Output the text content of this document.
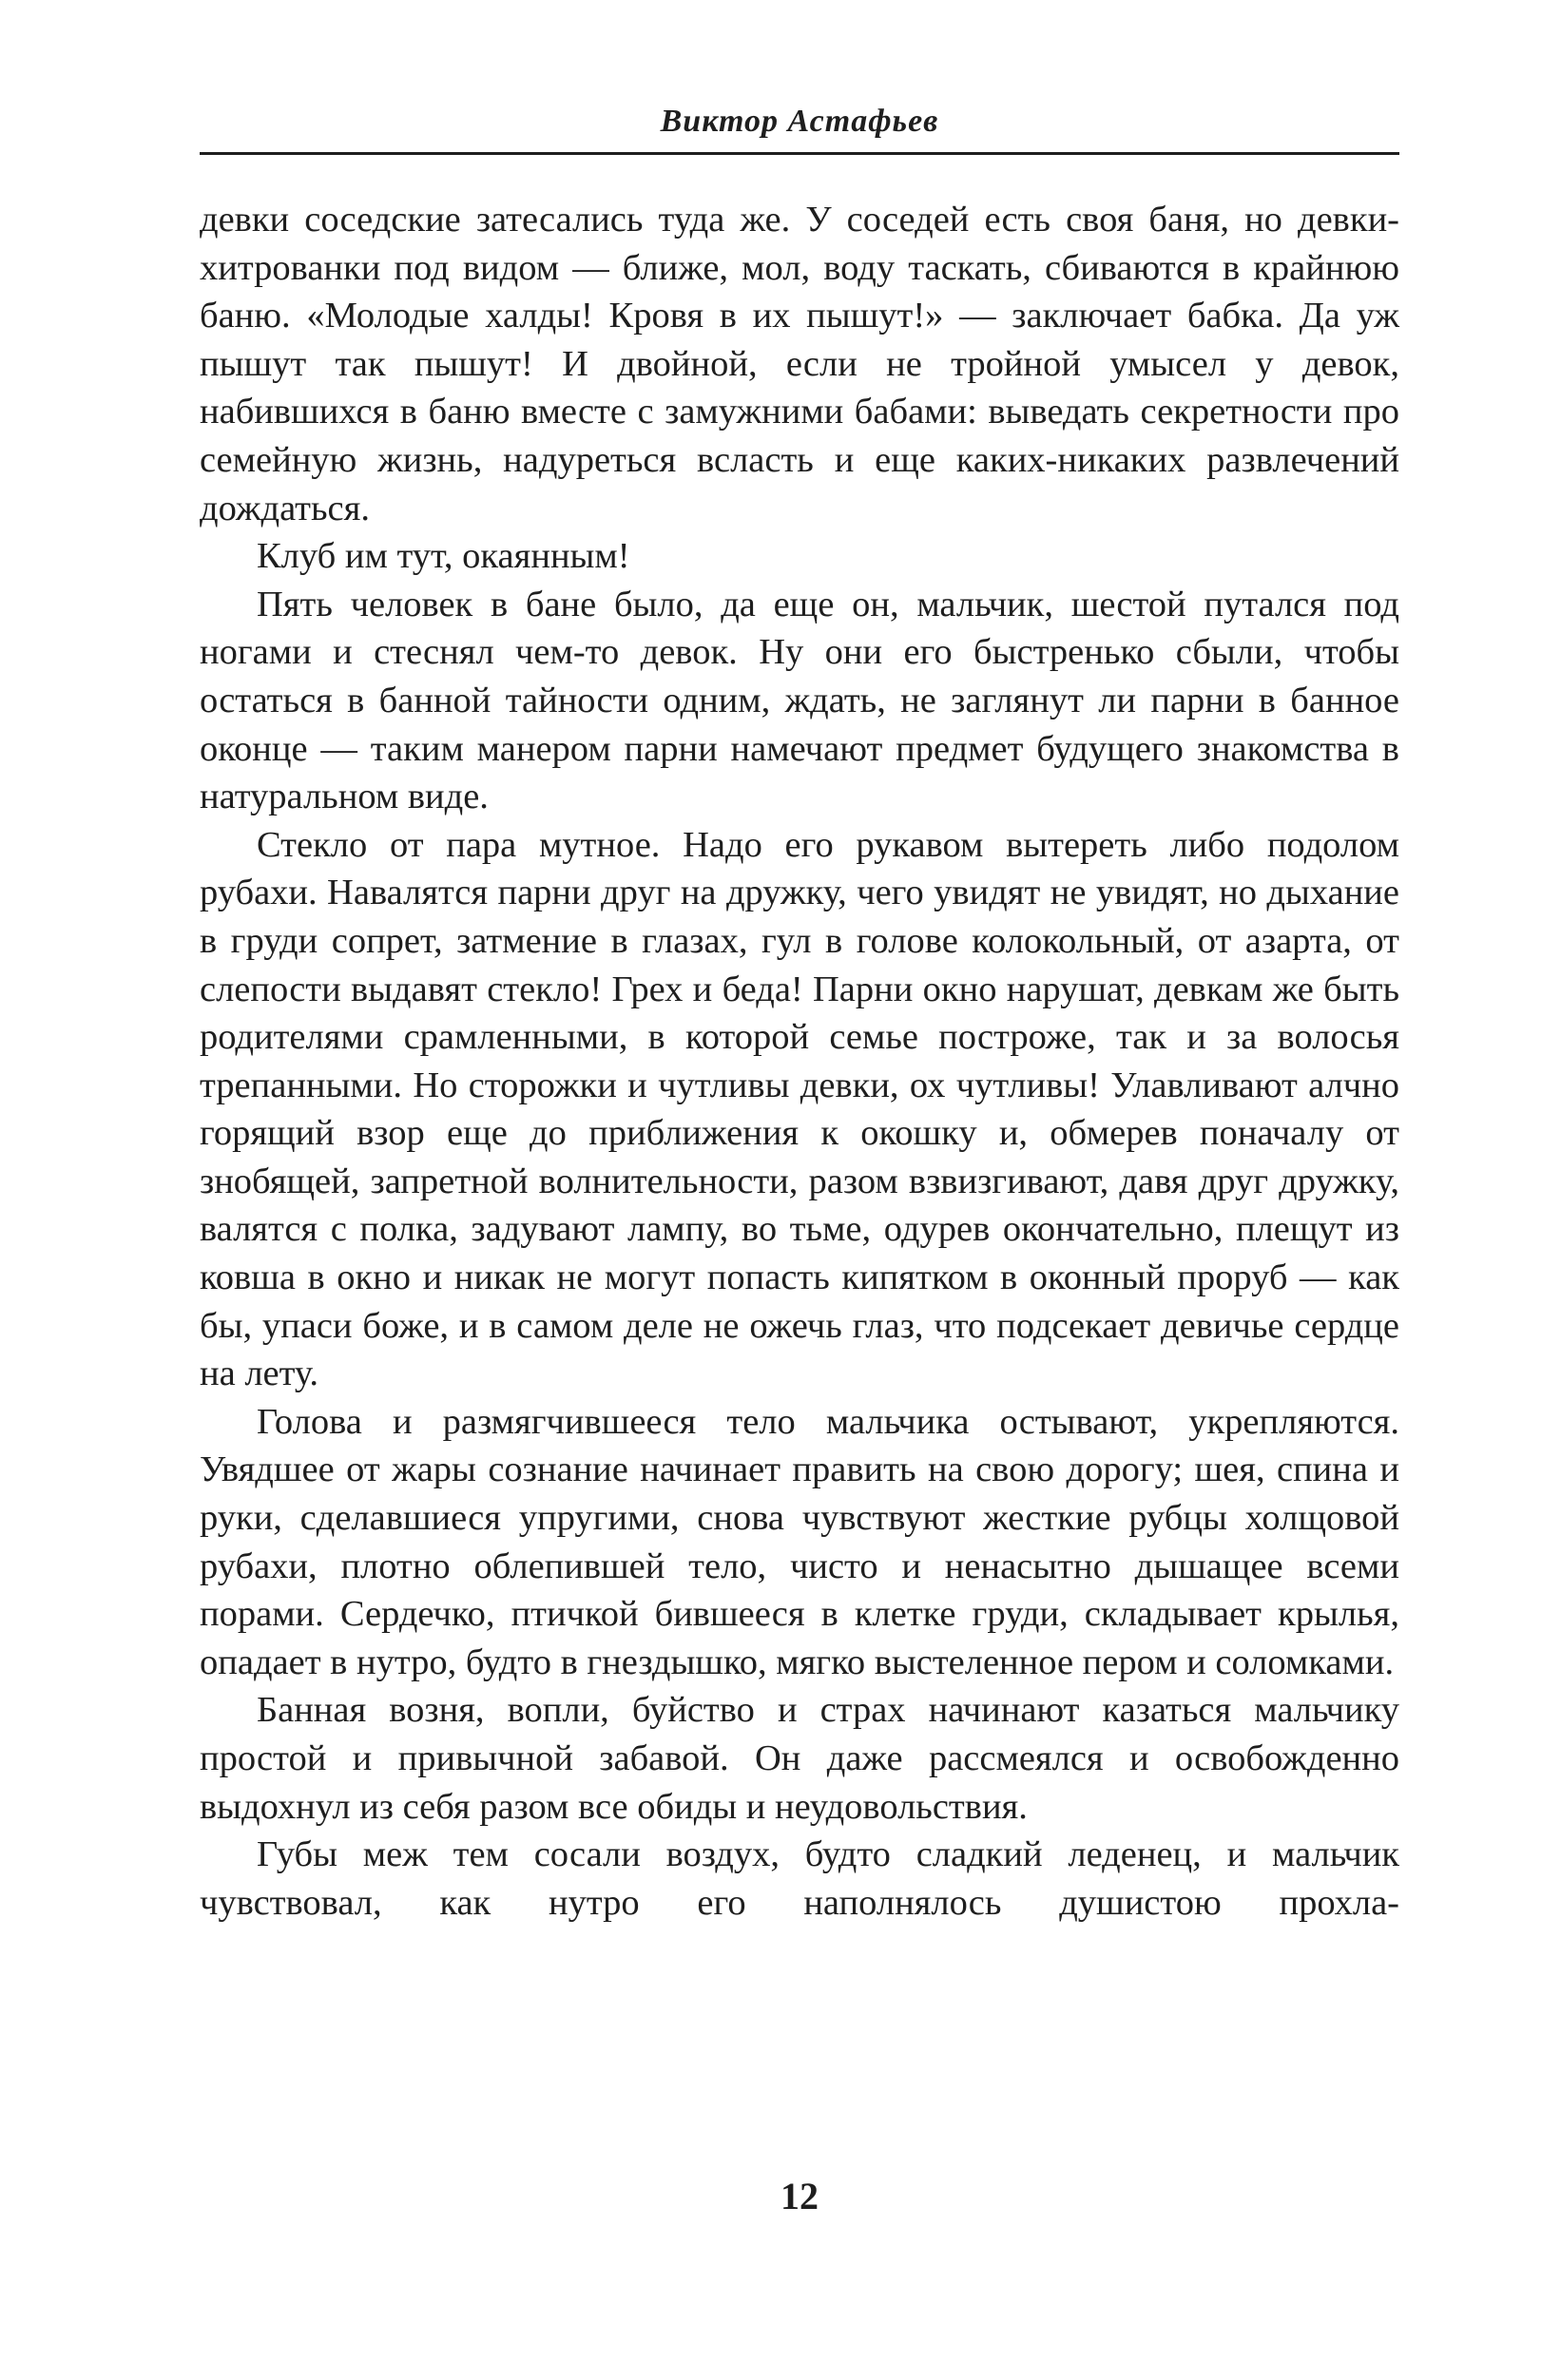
Виктор Астафьев

девки соседские затесались туда же. У соседей есть своя баня, но девки-хитрованки под видом — ближе, мол, воду таскать, сбиваются в крайнюю баню. «Молодые халды! Кровя в их пышут!» — заключает бабка. Да уж пышут так пышут! И двойной, если не тройной умысел у девок, набившихся в баню вместе с замужними бабами: выведать секретности про семейную жизнь, надуреться всласть и еще каких-никаких развлечений дождаться.

Клуб им тут, окаянным!

Пять человек в бане было, да еще он, мальчик, шестой путался под ногами и стеснял чем-то девок. Ну они его быстренько сбыли, чтобы остаться в банной тайности одним, ждать, не заглянут ли парни в банное оконце — таким манером парни намечают предмет будущего знакомства в натуральном виде.

Стекло от пара мутное. Надо его рукавом вытереть либо подолом рубахи. Навалятся парни друг на дружку, чего увидят не увидят, но дыхание в груди сопрет, затмение в глазах, гул в голове колокольный, от азарта, от слепости выдавят стекло! Грех и беда! Парни окно нарушат, девкам же быть родителями срамленными, в которой семье построже, так и за волосья трепанными. Но сторожки и чутливы девки, ох чутливы! Улавливают алчно горящий взор еще до приближения к окошку и, обмерев поначалу от знобящей, запретной волнительности, разом взвизгивают, давя друг дружку, валятся с полка, задувают лампу, во тьме, одурев окончательно, плещут из ковша в окно и никак не могут попасть кипятком в оконный проруб — как бы, упаси боже, и в самом деле не ожечь глаз, что подсекает девичье сердце на лету.

Голова и размягчившееся тело мальчика остывают, укрепляются. Увядшее от жары сознание начинает править на свою дорогу; шея, спина и руки, сделавшиеся упругими, снова чувствуют жесткие рубцы холщовой рубахи, плотно облепившей тело, чисто и ненасытно дышащее всеми порами. Сердечко, птичкой бившееся в клетке груди, складывает крылья, опадает в нутро, будто в гнездышко, мягко выстеленное пером и соломками.

Банная возня, вопли, буйство и страх начинают казаться мальчику простой и привычной забавой. Он даже рассмеялся и освобожденно выдохнул из себя разом все обиды и неудовольствия.

Губы меж тем сосали воздух, будто сладкий леденец, и мальчик чувствовал, как нутро его наполнялось душистою прохла-

12
